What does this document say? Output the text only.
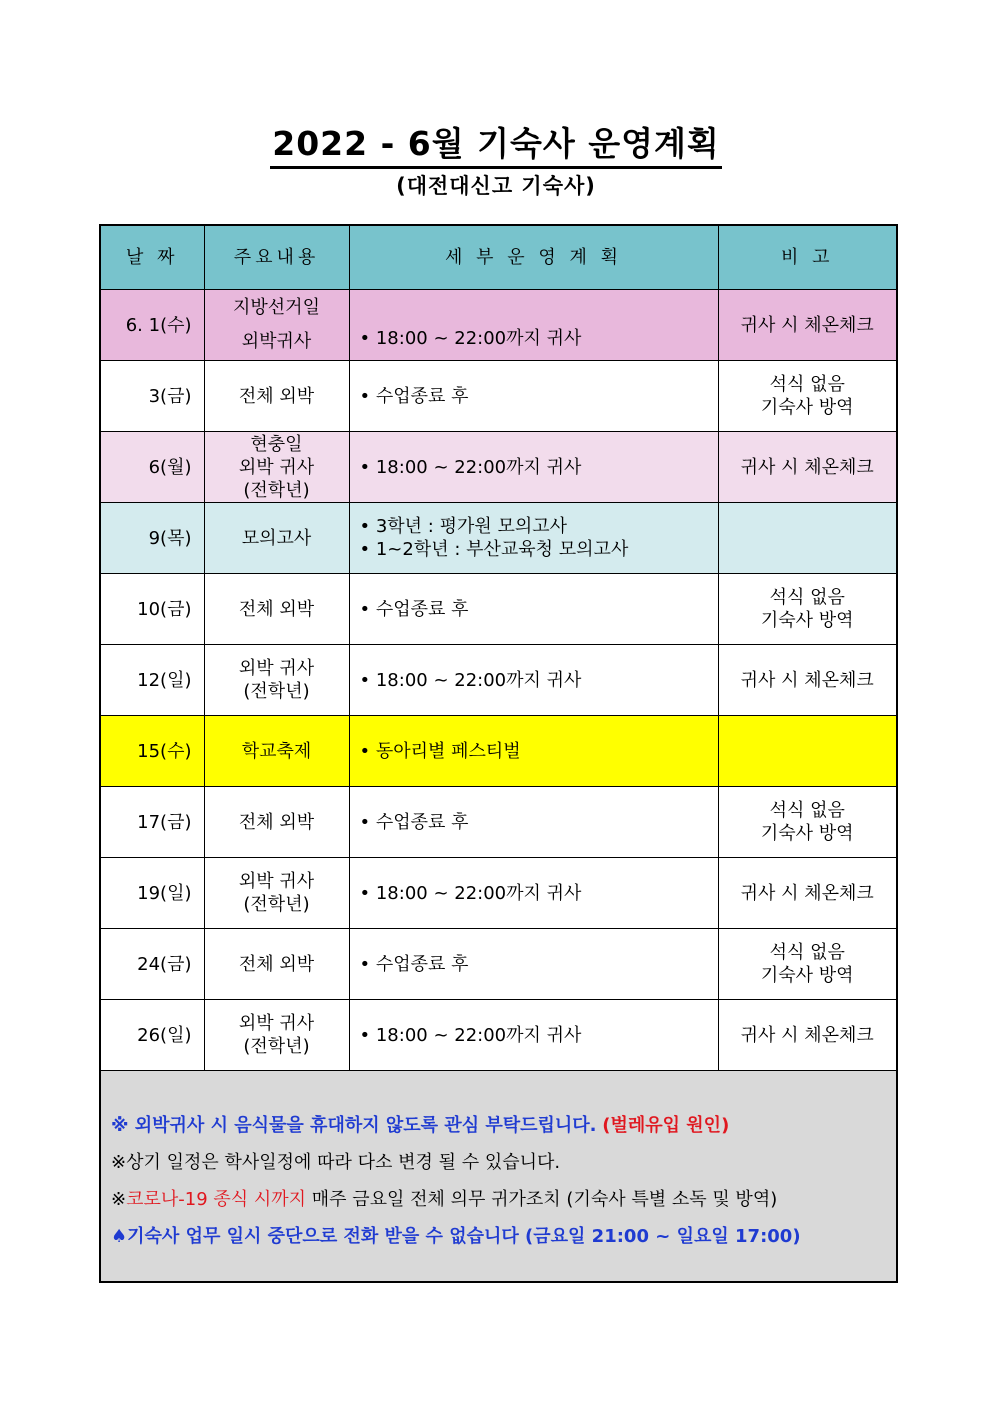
2022 - 6월 기숙사 운영계획
(대전대신고 기숙사)
날 짜	주요내용	세 부 운 영 계 획	비 고
6. 1(수)	지방선거일
외박귀사	• 18:00 ~ 22:00까지 귀사	귀사 시 체온체크

3(금)	전체 외박	• 수업종료 후	석식 없음
기숙사 방역

6(월)	현충일
외박 귀사
(전학년)	• 18:00 ~ 22:00까지 귀사	귀사 시 체온체크

9(목)	모의고사	• 3학년 : 평가원 모의고사
• 1~2학년 : 부산교육청 모의고사

10(금)	전체 외박	• 수업종료 후	석식 없음
기숙사 방역

12(일)	외박 귀사
(전학년)	• 18:00 ~ 22:00까지 귀사	귀사 시 체온체크

15(수)	학교축제	• 동아리별 페스티벌

17(금)	전체 외박	• 수업종료 후	석식 없음
기숙사 방역

19(일)	외박 귀사
(전학년)	• 18:00 ~ 22:00까지 귀사	귀사 시 체온체크

24(금)	전체 외박	• 수업종료 후	석식 없음
기숙사 방역

26(일)	외박 귀사
(전학년)	• 18:00 ~ 22:00까지 귀사	귀사 시 체온체크

※ 외박귀사 시 음식물을 휴대하지 않도록 관심 부탁드립니다. (벌레유입 원인)
※상기 일정은 학사일정에 따라 다소 변경 될 수 있습니다.
※코로나-19 종식 시까지 매주 금요일 전체 의무 귀가조치 (기숙사 특별 소독 및 방역)
♠기숙사 업무 일시 중단으로 전화 받을 수 없습니다 (금요일 21:00 ~ 일요일 17:00)			
